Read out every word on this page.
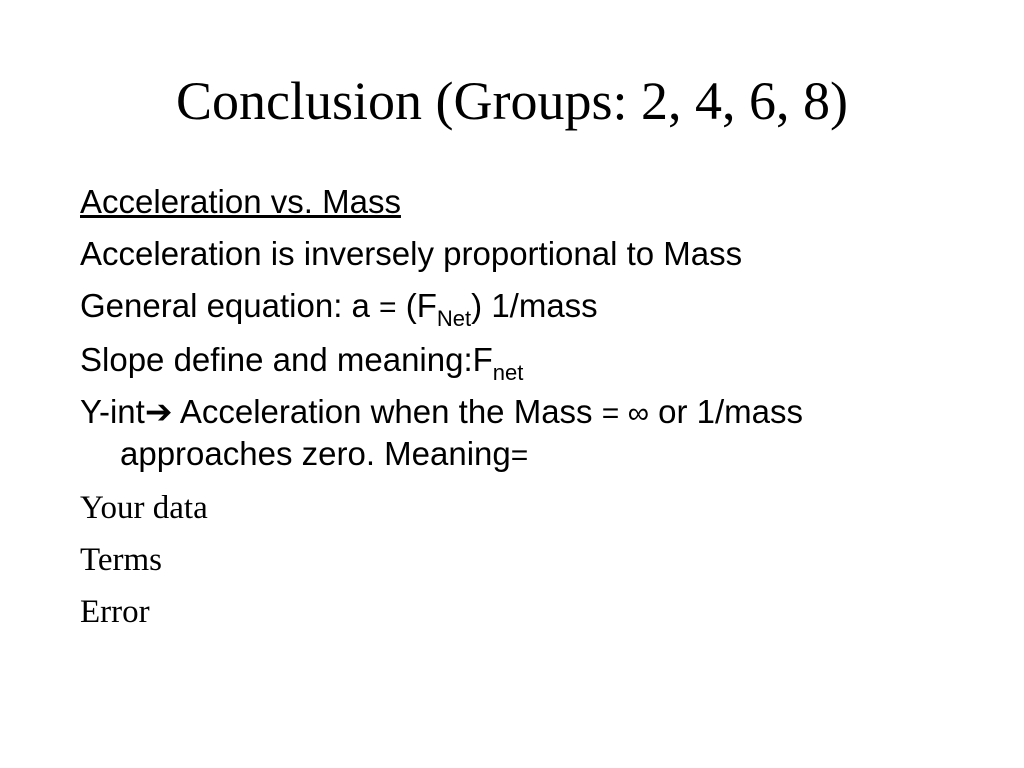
Conclusion (Groups: 2, 4, 6, 8)

Acceleration vs. Mass

Acceleration is inversely proportional to Mass

General equation: $a = (F_{Net})$ 1/mass

Slope define and $meaning:F_{net}$

Y-int➔ Acceleration when the Mass = ∞ or 1/mass approaches zero. Meaning=

Your data

Terms

Error
